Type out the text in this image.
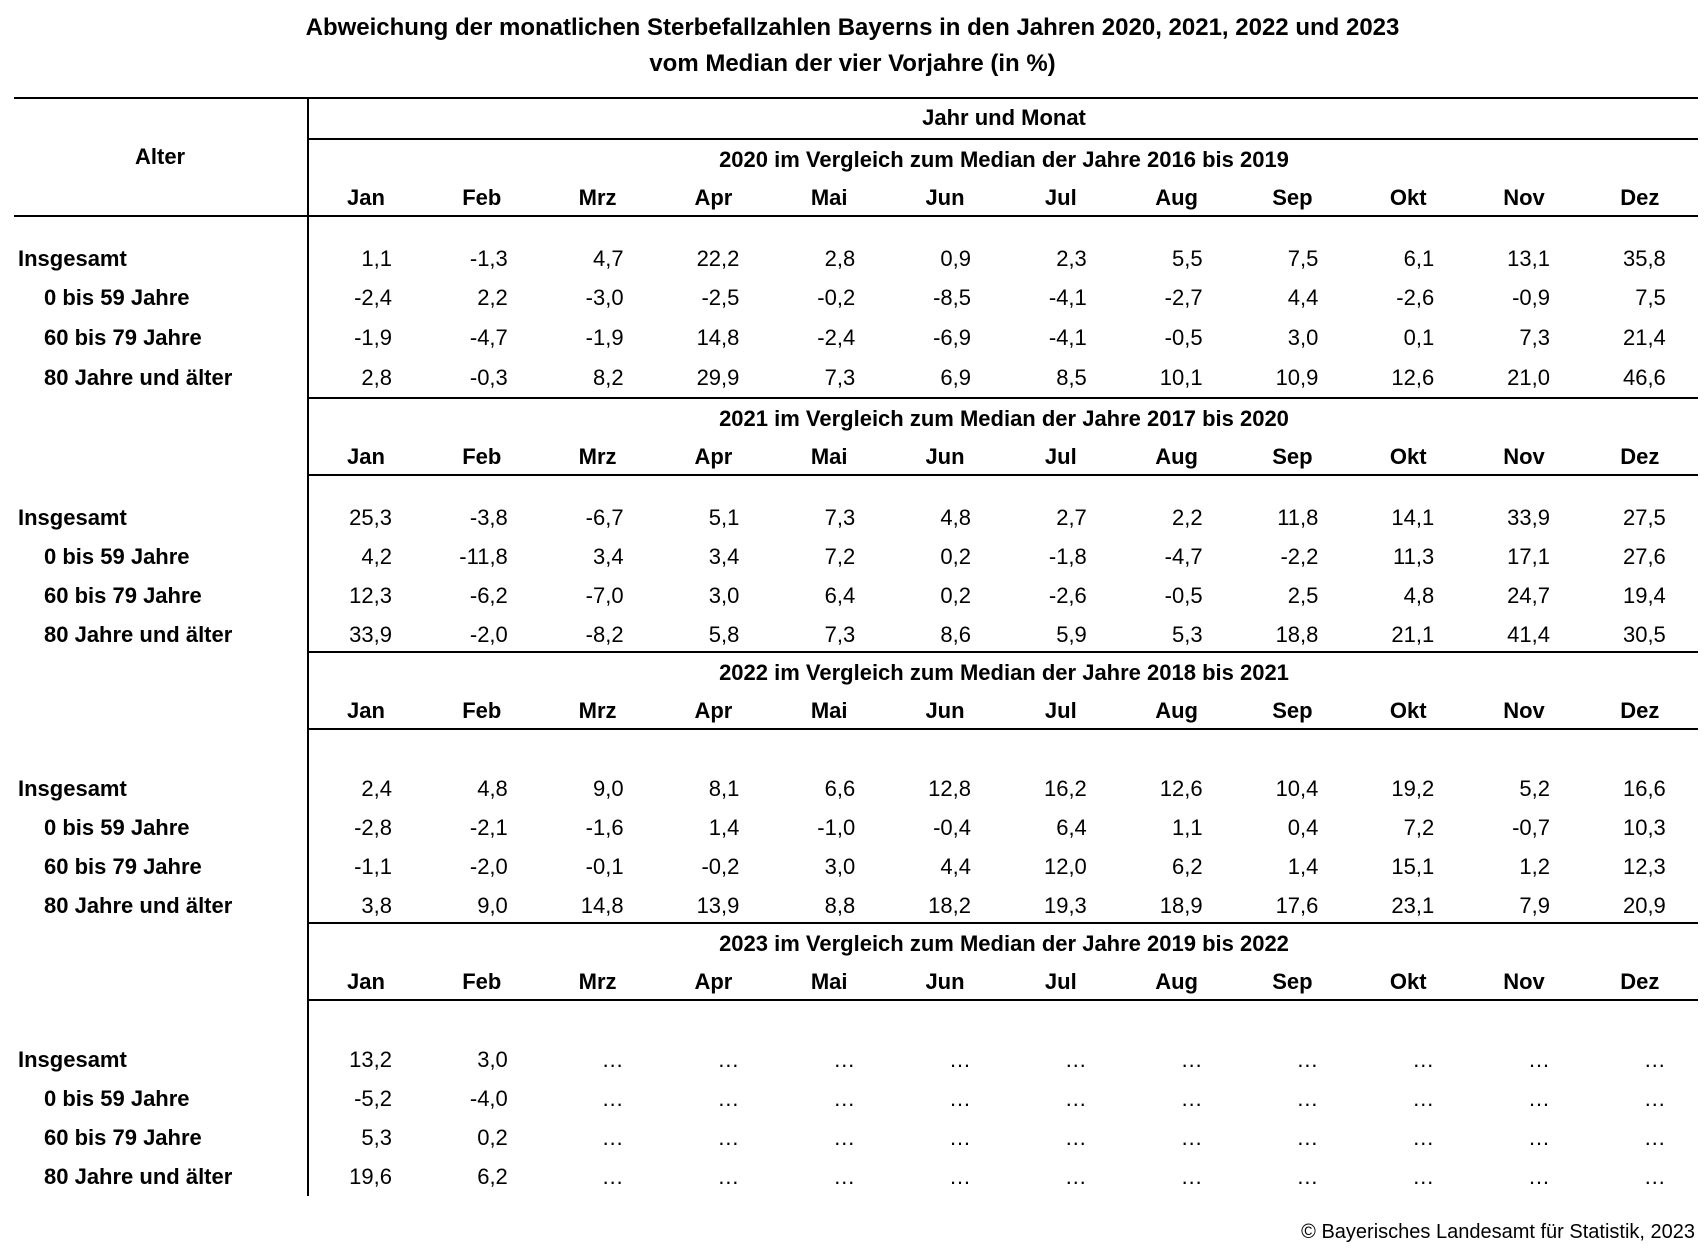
Abweichung der monatlichen Sterbefallzahlen Bayerns in den Jahren 2020, 2021, 2022 und 2023
vom Median der vier Vorjahre (in %)
Alter
Jahr und Monat
2020 im Vergleich zum Median der Jahre 2016 bis 2019
Jan	Feb	Mrz	Apr	Mai	Jun	Jul	Aug	Sep	Okt	Nov	Dez
Insgesamt	1,1	-1,3	4,7	22,2	2,8	0,9	2,3	5,5	7,5	6,1	13,1	35,8
0 bis 59 Jahre	-2,4	2,2	-3,0	-2,5	-0,2	-8,5	-4,1	-2,7	4,4	-2,6	-0,9	7,5
60 bis 79 Jahre	-1,9	-4,7	-1,9	14,8	-2,4	-6,9	-4,1	-0,5	3,0	0,1	7,3	21,4
80 Jahre und älter	2,8	-0,3	8,2	29,9	7,3	6,9	8,5	10,1	10,9	12,6	21,0	46,6
2021 im Vergleich zum Median der Jahre 2017 bis 2020
Jan	Feb	Mrz	Apr	Mai	Jun	Jul	Aug	Sep	Okt	Nov	Dez
Insgesamt	25,3	-3,8	-6,7	5,1	7,3	4,8	2,7	2,2	11,8	14,1	33,9	27,5
0 bis 59 Jahre	4,2	-11,8	3,4	3,4	7,2	0,2	-1,8	-4,7	-2,2	11,3	17,1	27,6
60 bis 79 Jahre	12,3	-6,2	-7,0	3,0	6,4	0,2	-2,6	-0,5	2,5	4,8	24,7	19,4
80 Jahre und älter	33,9	-2,0	-8,2	5,8	7,3	8,6	5,9	5,3	18,8	21,1	41,4	30,5
2022 im Vergleich zum Median der Jahre 2018 bis 2021
Jan	Feb	Mrz	Apr	Mai	Jun	Jul	Aug	Sep	Okt	Nov	Dez
Insgesamt	2,4	4,8	9,0	8,1	6,6	12,8	16,2	12,6	10,4	19,2	5,2	16,6
0 bis 59 Jahre	-2,8	-2,1	-1,6	1,4	-1,0	-0,4	6,4	1,1	0,4	7,2	-0,7	10,3
60 bis 79 Jahre	-1,1	-2,0	-0,1	-0,2	3,0	4,4	12,0	6,2	1,4	15,1	1,2	12,3
80 Jahre und älter	3,8	9,0	14,8	13,9	8,8	18,2	19,3	18,9	17,6	23,1	7,9	20,9
2023 im Vergleich zum Median der Jahre 2019 bis 2022
Jan	Feb	Mrz	Apr	Mai	Jun	Jul	Aug	Sep	Okt	Nov	Dez
Insgesamt	13,2	3,0	…	…	…	…	…	…	…	…	…	…
0 bis 59 Jahre	-5,2	-4,0	…	…	…	…	…	…	…	…	…	…
60 bis 79 Jahre	5,3	0,2	…	…	…	…	…	…	…	…	…	…
80 Jahre und älter	19,6	6,2	…	…	…	…	…	…	…	…	…	…
© Bayerisches Landesamt für Statistik, 2023
